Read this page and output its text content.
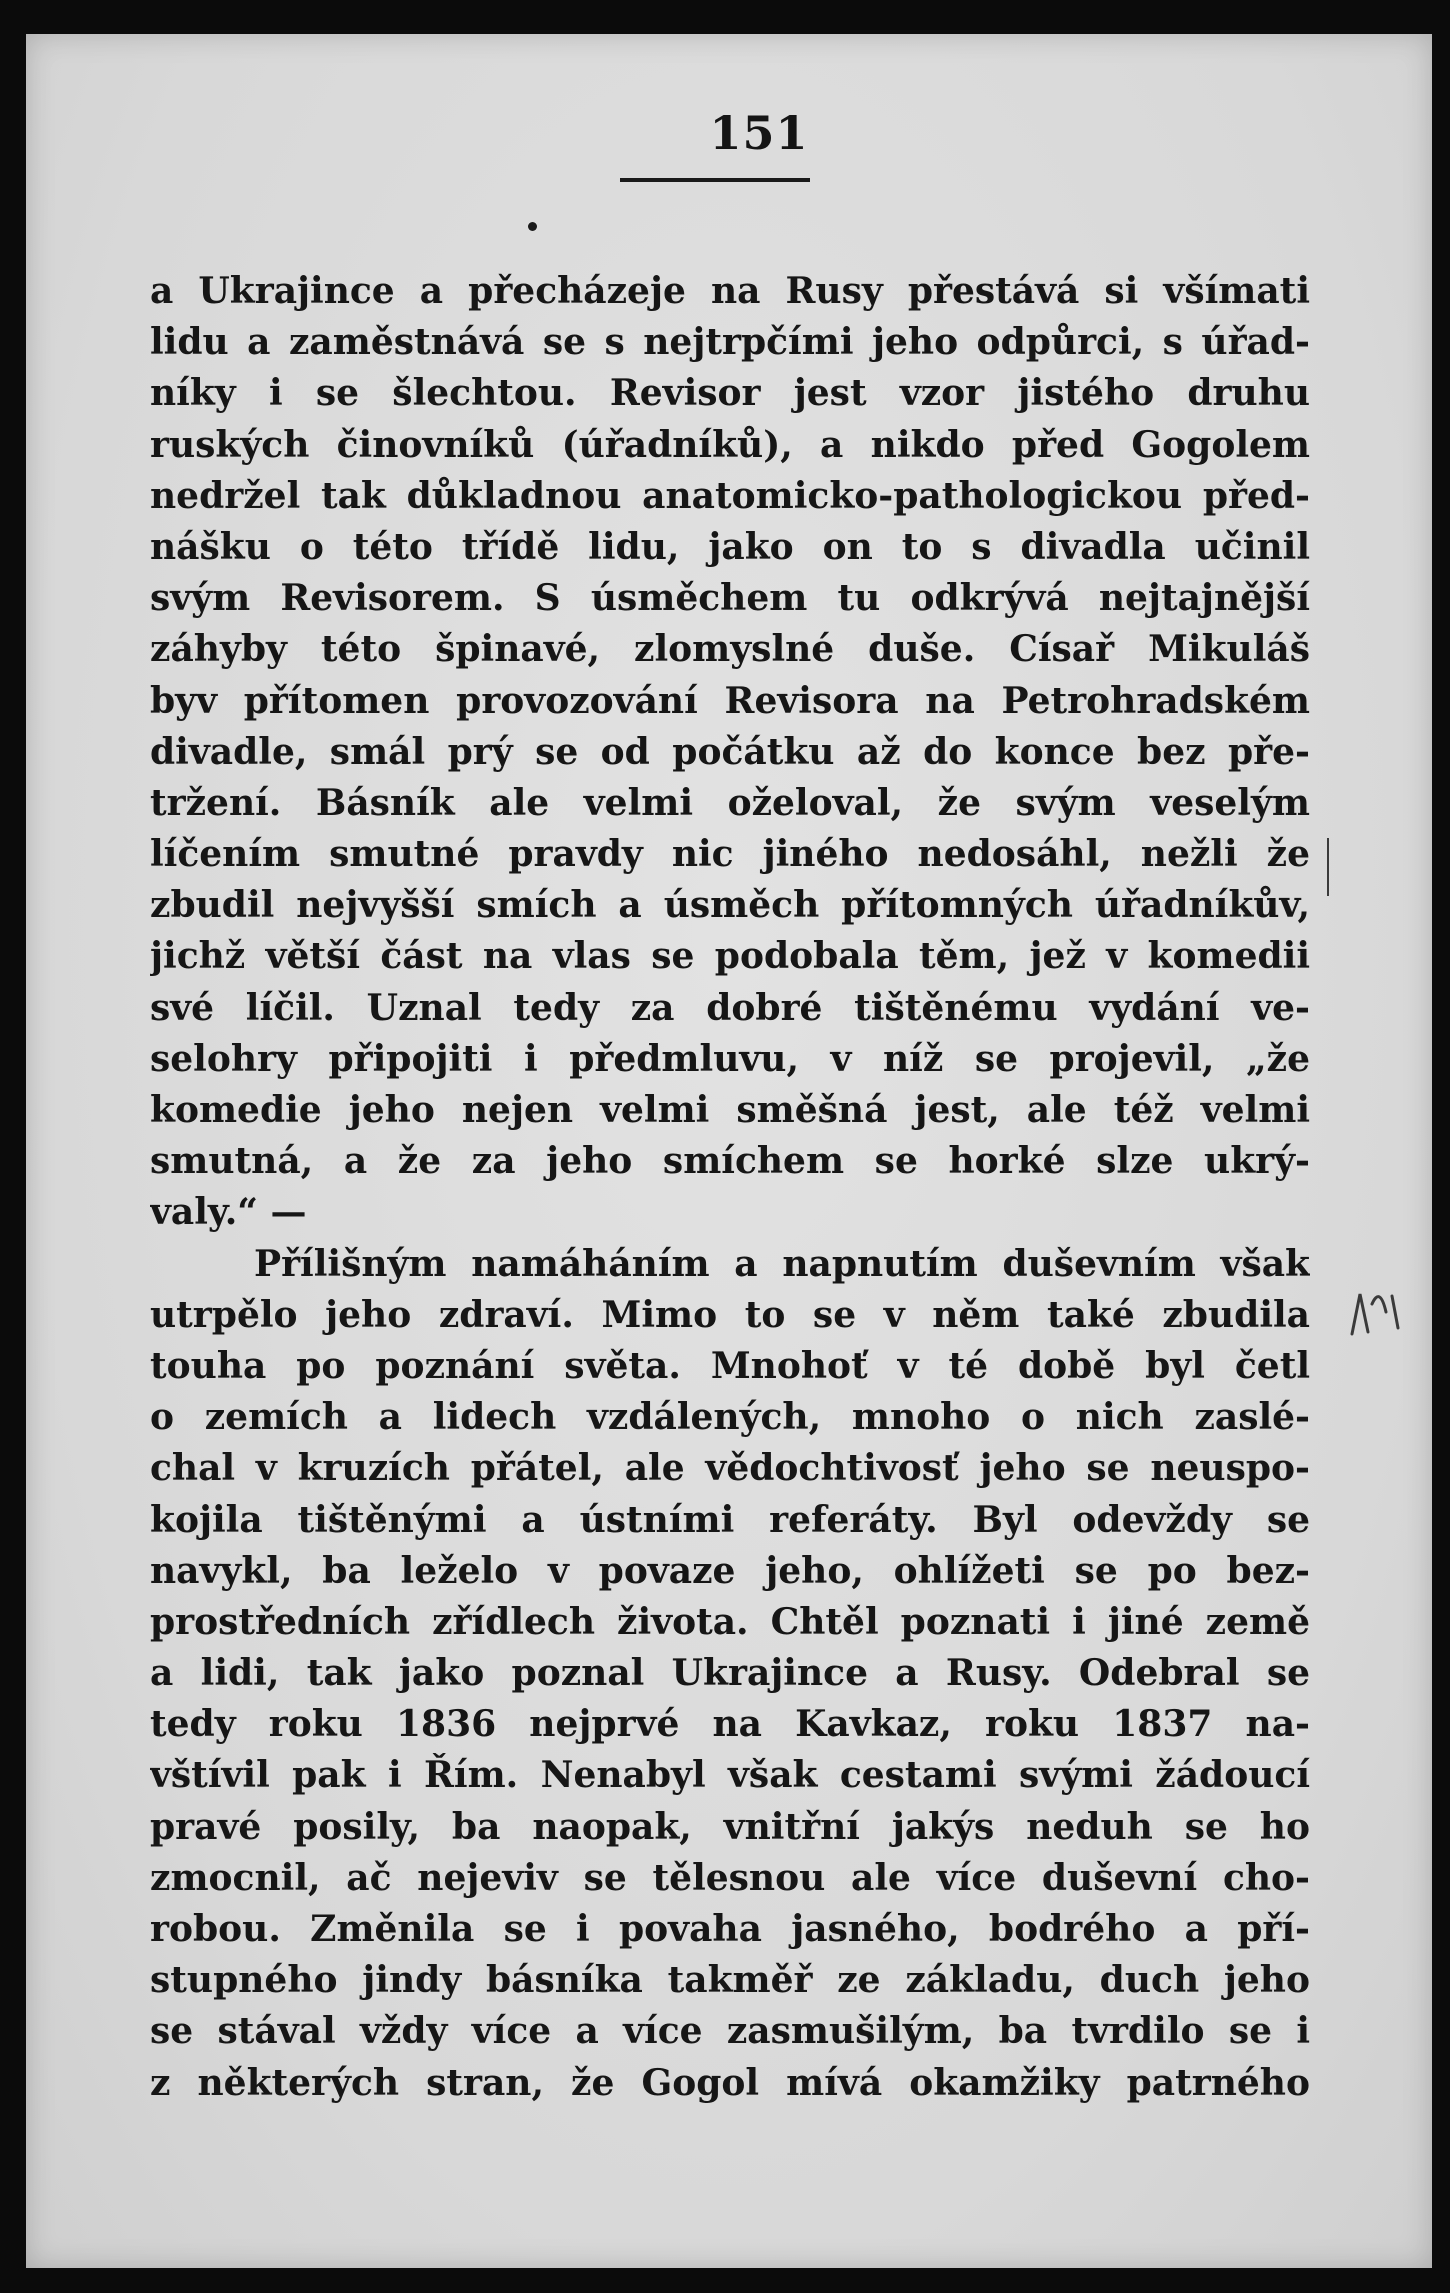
151
a Ukrajince a přecházeje na Rusy přestává si všímati
lidu a zaměstnává se s nejtrpčími jeho odpůrci, s úřad-
níky i se šlechtou. Revisor jest vzor jistého druhu
ruských činovníků (úřadníků), a nikdo před Gogolem
nedržel tak důkladnou anatomicko-pathologickou před-
nášku o této třídě lidu, jako on to s divadla učinil
svým Revisorem. S úsměchem tu odkrývá nejtajnější
záhyby této špinavé, zlomyslné duše. Císař Mikuláš
byv přítomen provozování Revisora na Petrohradském
divadle, smál prý se od počátku až do konce bez pře-
tržení. Básník ale velmi oželoval, že svým veselým
líčením smutné pravdy nic jiného nedosáhl, nežli že
zbudil nejvyšší smích a úsměch přítomných úřadníkův,
jichž větší část na vlas se podobala těm, jež v komedii
své líčil. Uznal tedy za dobré tištěnému vydání ve-
selohry připojiti i předmluvu, v níž se projevil, „že
komedie jeho nejen velmi směšná jest, ale též velmi
smutná, a že za jeho smíchem se horké slze ukrý-
valy.“ —
Přílišným namáháním a napnutím duševním však
utrpělo jeho zdraví. Mimo to se v něm také zbudila
touha po poznání světa. Mnohoť v té době byl četl
o zemích a lidech vzdálených, mnoho o nich zaslé-
chal v kruzích přátel, ale vědochtivosť jeho se neuspo-
kojila tištěnými a ústními referáty. Byl odevždy se
navykl, ba leželo v povaze jeho, ohlížeti se po bez-
prostředních zřídlech života. Chtěl poznati i jiné země
a lidi, tak jako poznal Ukrajince a Rusy. Odebral se
tedy roku 1836 nejprvé na Kavkaz, roku 1837 na-
vštívil pak i Řím. Nenabyl však cestami svými žádoucí
pravé posily, ba naopak, vnitřní jakýs neduh se ho
zmocnil, ač nejeviv se tělesnou ale více duševní cho-
robou. Změnila se i povaha jasného, bodrého a pří-
stupného jindy básníka takměř ze základu, duch jeho
se stával vždy více a více zasmušilým, ba tvrdilo se i
z některých stran, že Gogol mívá okamžiky patrného
